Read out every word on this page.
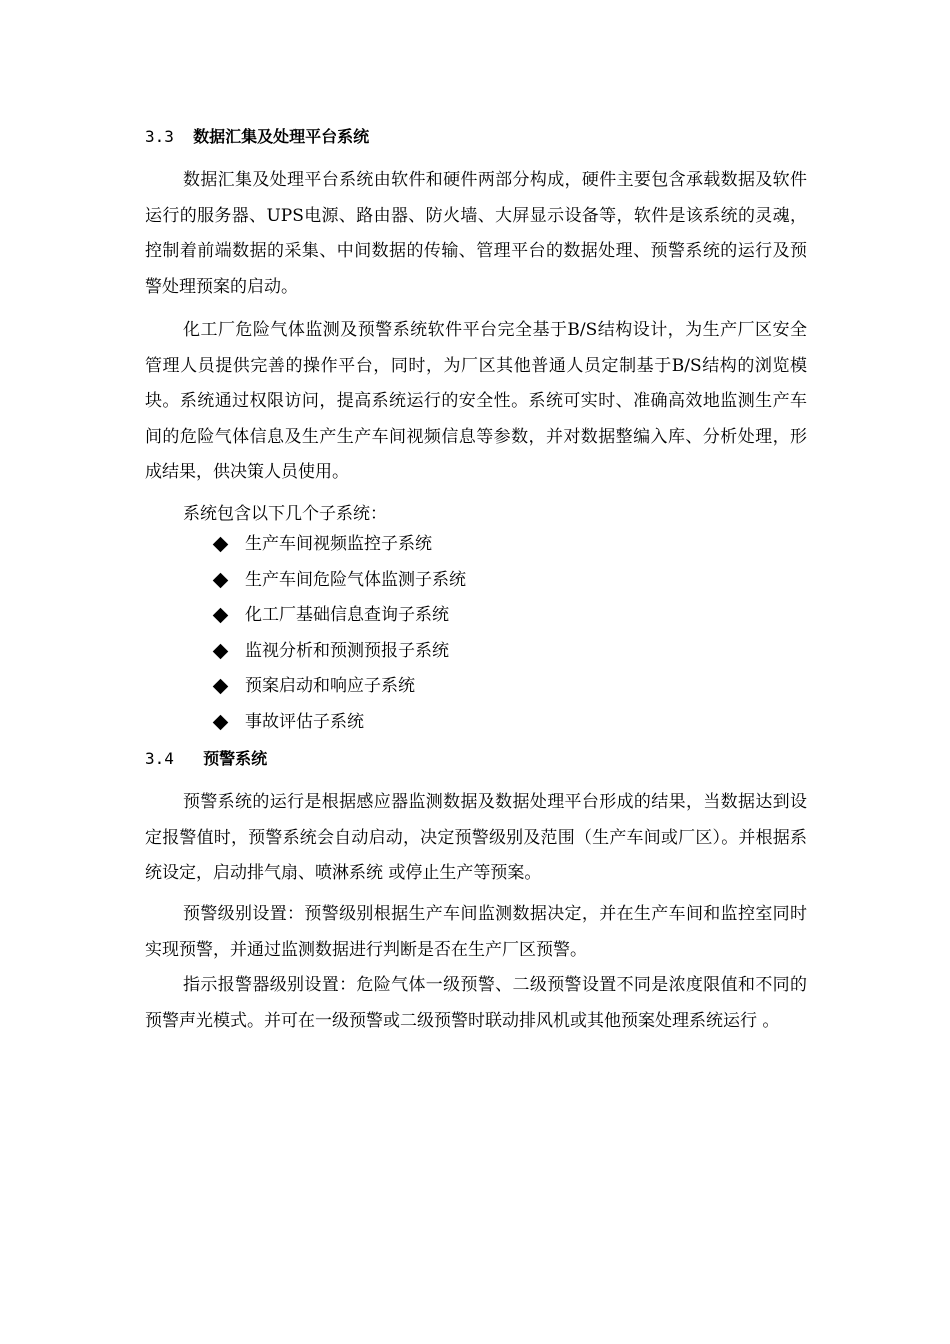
3.3 数据汇集及处理平台系统

数据汇集及处理平台系统由软件和硬件两部分构成，硬件主要包含承载数据及软件运行的服务器、UPS电源、路由器、防火墙、大屏显示设备等，软件是该系统的灵魂，控制着前端数据的采集、中间数据的传输、管理平台的数据处理、预警系统的运行及预警处理预案的启动。

化工厂危险气体监测及预警系统软件平台完全基于B/S结构设计，为生产厂区安全管理人员提供完善的操作平台，同时，为厂区其他普通人员定制基于B/S结构的浏览模块。系统通过权限访问，提高系统运行的安全性。系统可实时、准确高效地监测生产车间的危险气体信息及生产生产车间视频信息等参数，并对数据整编入库、分析处理，形成结果，供决策人员使用。

系统包含以下几个子系统：

生产车间视频监控子系统
生产车间危险气体监测子系统
化工厂基础信息查询子系统
监视分析和预测预报子系统
预案启动和响应子系统
事故评估子系统
3.4 预警系统

预警系统的运行是根据感应器监测数据及数据处理平台形成的结果，当数据达到设定报警值时，预警系统会自动启动，决定预警级别及范围（生产车间或厂区）。并根据系统设定，启动排气扇、喷淋系统 或停止生产等预案。

预警级别设置：预警级别根据生产车间监测数据决定，并在生产车间和监控室同时实现预警，并通过监测数据进行判断是否在生产厂区预警。

指示报警器级别设置：危险气体一级预警、二级预警设置不同是浓度限值和不同的预警声光模式。并可在一级预警或二级预警时联动排风机或其他预案处理系统运行 。
